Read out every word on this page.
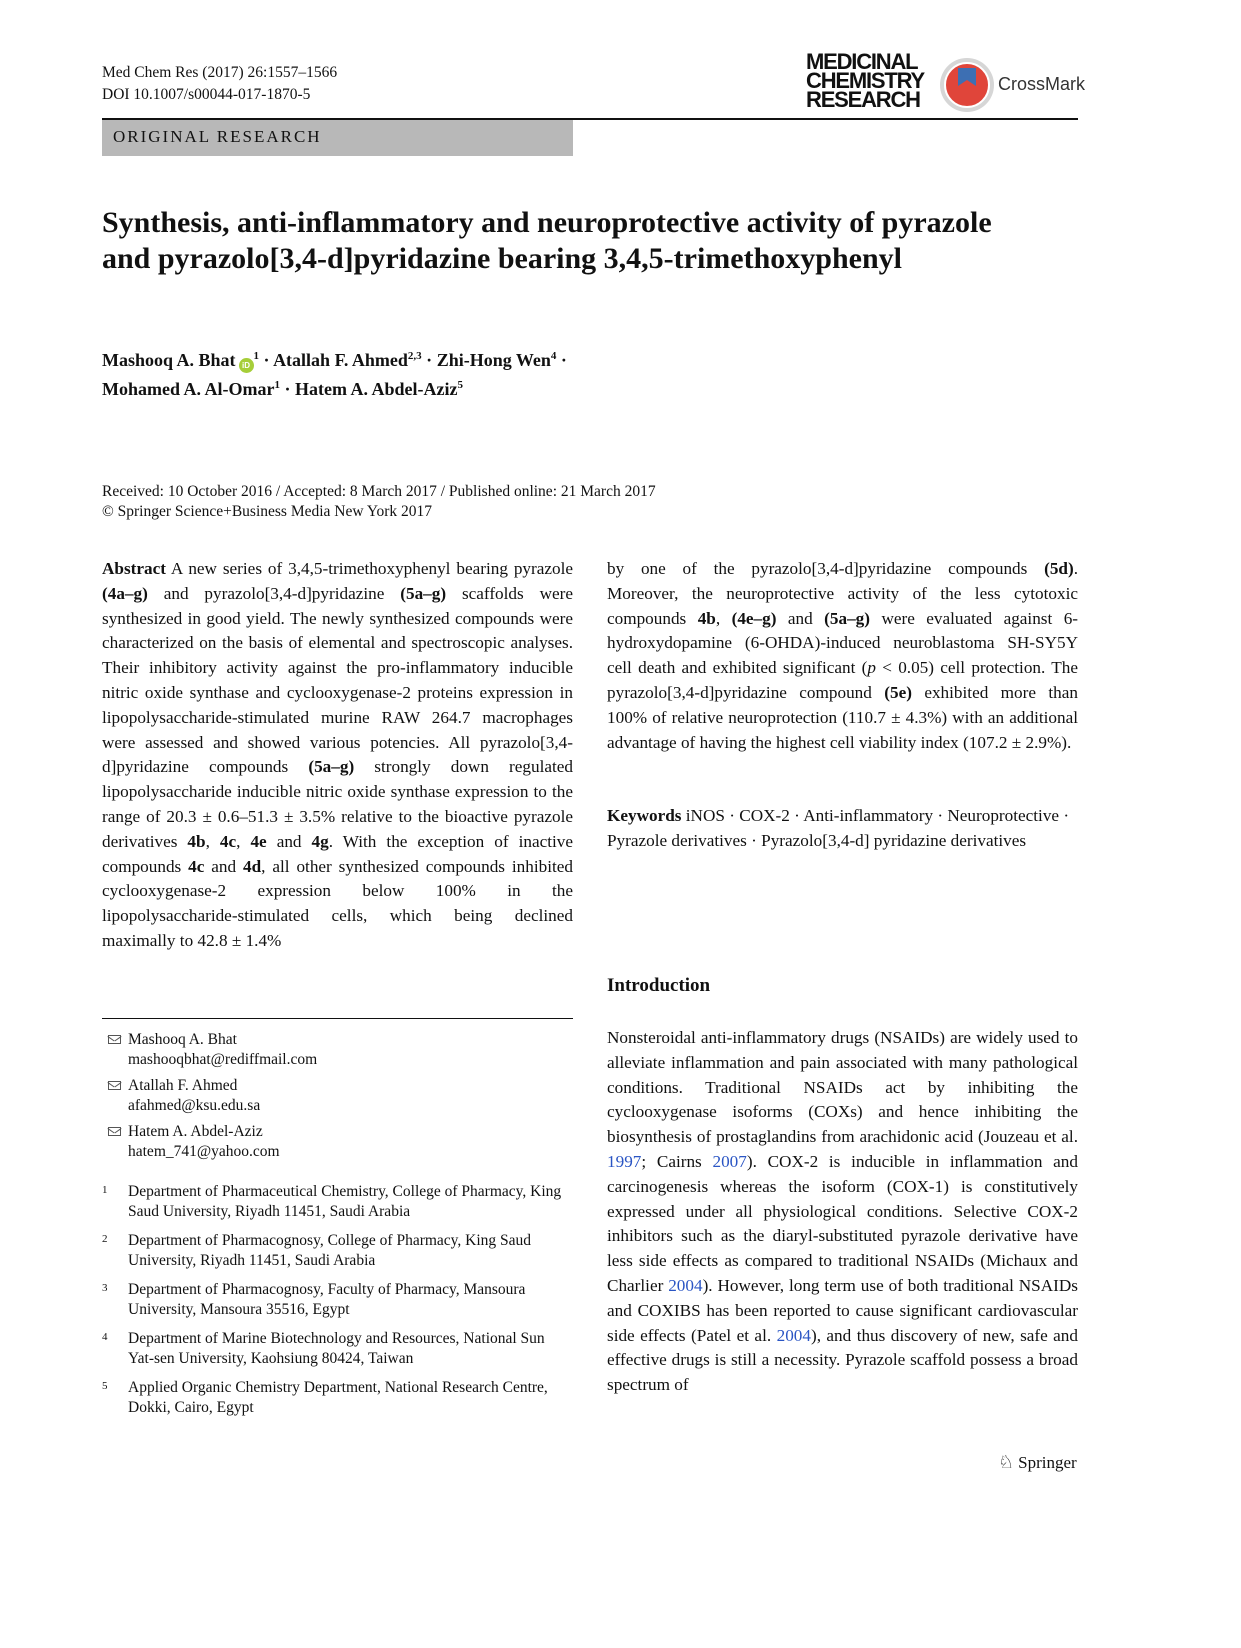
Med Chem Res (2017) 26:1557–1566
DOI 10.1007/s00044-017-1870-5
MEDICINAL
CHEMISTRY
RESEARCH
CrossMark
ORIGINAL RESEARCH
Synthesis, anti-inflammatory and neuroprotective activity of pyrazole and pyrazolo[3,4-d]pyridazine bearing 3,4,5-trimethoxyphenyl
Mashooq A. Bhat $iD^1$ · Atallah F. Ahmed$^{2,3}$ · Zhi-Hong Wen$^4$ ·
Mohamed A. Al-Omar$^1$ · Hatem A. Abdel-Aziz$^5$
Received: 10 October 2016 / Accepted: 8 March 2017 / Published online: 21 March 2017
© Springer Science+Business Media New York 2017
Abstract A new series of 3,4,5-trimethoxyphenyl bearing pyrazole (4a–g) and pyrazolo[3,4-d]pyridazine (5a–g) scaffolds were synthesized in good yield. The newly synthesized compounds were characterized on the basis of elemental and spectroscopic analyses. Their inhibitory activity against the pro-inflammatory inducible nitric oxide synthase and cyclooxygenase-2 proteins expression in lipopolysaccharide-stimulated murine RAW 264.7 macrophages were assessed and showed various potencies. All pyrazolo[3,4-d]pyridazine compounds (5a–g) strongly down regulated lipopolysaccharide inducible nitric oxide synthase expression to the range of 20.3 ± 0.6–51.3 ± 3.5% relative to the bioactive pyrazole derivatives 4b, 4c, 4e and 4g. With the exception of inactive compounds 4c and 4d, all other synthesized compounds inhibited cyclooxygenase-2 expression below 100% in the lipopolysaccharide-stimulated cells, which being declined maximally to 42.8 ± 1.4%
by one of the pyrazolo[3,4-d]pyridazine compounds (5d). Moreover, the neuroprotective activity of the less cytotoxic compounds 4b, (4e–g) and (5a–g) were evaluated against 6-hydroxydopamine (6-OHDA)-induced neuroblastoma SH-SY5Y cell death and exhibited significant (p < 0.05) cell protection. The pyrazolo[3,4-d]pyridazine compound (5e) exhibited more than 100% of relative neuroprotection (110.7 ± 4.3%) with an additional advantage of having the highest cell viability index (107.2 ± 2.9%).
Keywords iNOS · COX-2 · Anti-inflammatory · Neuroprotective · Pyrazole derivatives · Pyrazolo[3,4-d] pyridazine derivatives
Introduction
Nonsteroidal anti-inflammatory drugs (NSAIDs) are widely used to alleviate inflammation and pain associated with many pathological conditions. Traditional NSAIDs act by inhibiting the cyclooxygenase isoforms (COXs) and hence inhibiting the biosynthesis of prostaglandins from arachidonic acid (Jouzeau et al. 1997; Cairns 2007). COX-2 is inducible in inflammation and carcinogenesis whereas the isoform (COX-1) is constitutively expressed under all physiological conditions. Selective COX-2 inhibitors such as the diaryl-substituted pyrazole derivative have less side effects as compared to traditional NSAIDs (Michaux and Charlier 2004). However, long term use of both traditional NSAIDs and COXIBS has been reported to cause significant cardiovascular side effects (Patel et al. 2004), and thus discovery of new, safe and effective drugs is still a necessity. Pyrazole scaffold possess a broad spectrum of
Mashooq A. Bhat
mashooqbhat@rediffmail.com
Atallah F. Ahmed
afahmed@ksu.edu.sa
Hatem A. Abdel-Aziz
hatem_741@yahoo.com
1 Department of Pharmaceutical Chemistry, College of Pharmacy, King Saud University, Riyadh 11451, Saudi Arabia
2 Department of Pharmacognosy, College of Pharmacy, King Saud University, Riyadh 11451, Saudi Arabia
3 Department of Pharmacognosy, Faculty of Pharmacy, Mansoura University, Mansoura 35516, Egypt
4 Department of Marine Biotechnology and Resources, National Sun Yat-sen University, Kaohsiung 80424, Taiwan
5 Applied Organic Chemistry Department, National Research Centre, Dokki, Cairo, Egypt
♘ Springer
